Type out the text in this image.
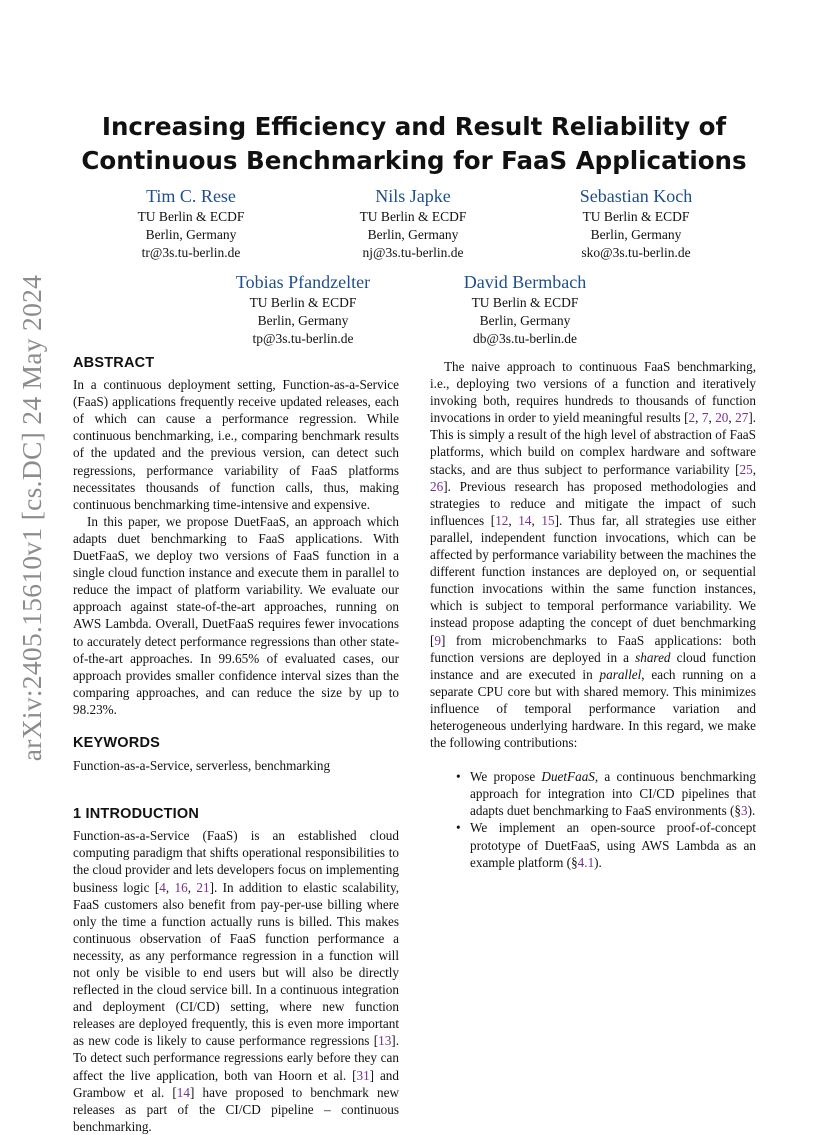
arXiv:2405.15610v1 [cs.DC] 24 May 2024
Increasing Efficiency and Result Reliability of
Continuous Benchmarking for FaaS Applications
Tim C. Rese
TU Berlin & ECDF
Berlin, Germany
tr@3s.tu-berlin.de
Nils Japke
TU Berlin & ECDF
Berlin, Germany
nj@3s.tu-berlin.de
Sebastian Koch
TU Berlin & ECDF
Berlin, Germany
sko@3s.tu-berlin.de
Tobias Pfandzelter
TU Berlin & ECDF
Berlin, Germany
tp@3s.tu-berlin.de
David Bermbach
TU Berlin & ECDF
Berlin, Germany
db@3s.tu-berlin.de

ABSTRACT

In a continuous deployment setting, Function-as-a-Service (FaaS) applications frequently receive updated releases, each of which can cause a performance regression. While continuous benchmarking, i.e., comparing benchmark results of the updated and the previous version, can detect such regressions, performance variability of FaaS platforms necessitates thousands of function calls, thus, making continuous benchmarking time-intensive and expensive.

In this paper, we propose DuetFaaS, an approach which adapts duet benchmarking to FaaS applications. With DuetFaaS, we deploy two versions of FaaS function in a single cloud function instance and execute them in parallel to reduce the impact of platform variability. We evaluate our approach against state-of-the-art approaches, running on AWS Lambda. Overall, DuetFaaS requires fewer invocations to accurately detect performance regressions than other state-of-the-art approaches. In 99.65% of evaluated cases, our approach provides smaller confidence interval sizes than the comparing approaches, and can reduce the size by up to 98.23%.

KEYWORDS

Function-as-a-Service, serverless, benchmarking

1 INTRODUCTION

Function-as-a-Service (FaaS) is an established cloud computing paradigm that shifts operational responsibilities to the cloud provider and lets developers focus on implementing business logic [4, 16, 21]. In addition to elastic scalability, FaaS customers also benefit from pay-per-use billing where only the time a function actually runs is billed. This makes continuous observation of FaaS function performance a necessity, as any performance regression in a function will not only be visible to end users but will also be directly reflected in the cloud service bill. In a continuous integration and deployment (CI/CD) setting, where new function releases are deployed frequently, this is even more important as new code is likely to cause performance regressions [13]. To detect such performance regressions early before they can affect the live application, both van Hoorn et al. [31] and Grambow et al. [14] have proposed to benchmark new releases as part of the CI/CD pipeline – continuous benchmarking.

The naive approach to continuous FaaS benchmarking, i.e., deploying two versions of a function and iteratively invoking both, requires hundreds to thousands of function invocations in order to yield meaningful results [2, 7, 20, 27]. This is simply a result of the high level of abstraction of FaaS platforms, which build on complex hardware and software stacks, and are thus subject to performance variability [25, 26]. Previous research has proposed methodologies and strategies to reduce and mitigate the impact of such influences [12, 14, 15]. Thus far, all strategies use either parallel, independent function invocations, which can be affected by performance variability between the machines the different function instances are deployed on, or sequential function invocations within the same function instances, which is subject to temporal performance variability. We instead propose adapting the concept of duet benchmarking [9] from microbenchmarks to FaaS applications: both function versions are deployed in a shared cloud function instance and are executed in parallel, each running on a separate CPU core but with shared memory. This minimizes influence of temporal performance variation and heterogeneous underlying hardware. In this regard, we make the following contributions:

• We propose DuetFaaS, a continuous benchmarking approach for integration into CI/CD pipelines that adapts duet benchmarking to FaaS environments (§3).
• We implement an open-source proof-of-concept prototype of DuetFaaS, using AWS Lambda as an example platform (§4.1).
